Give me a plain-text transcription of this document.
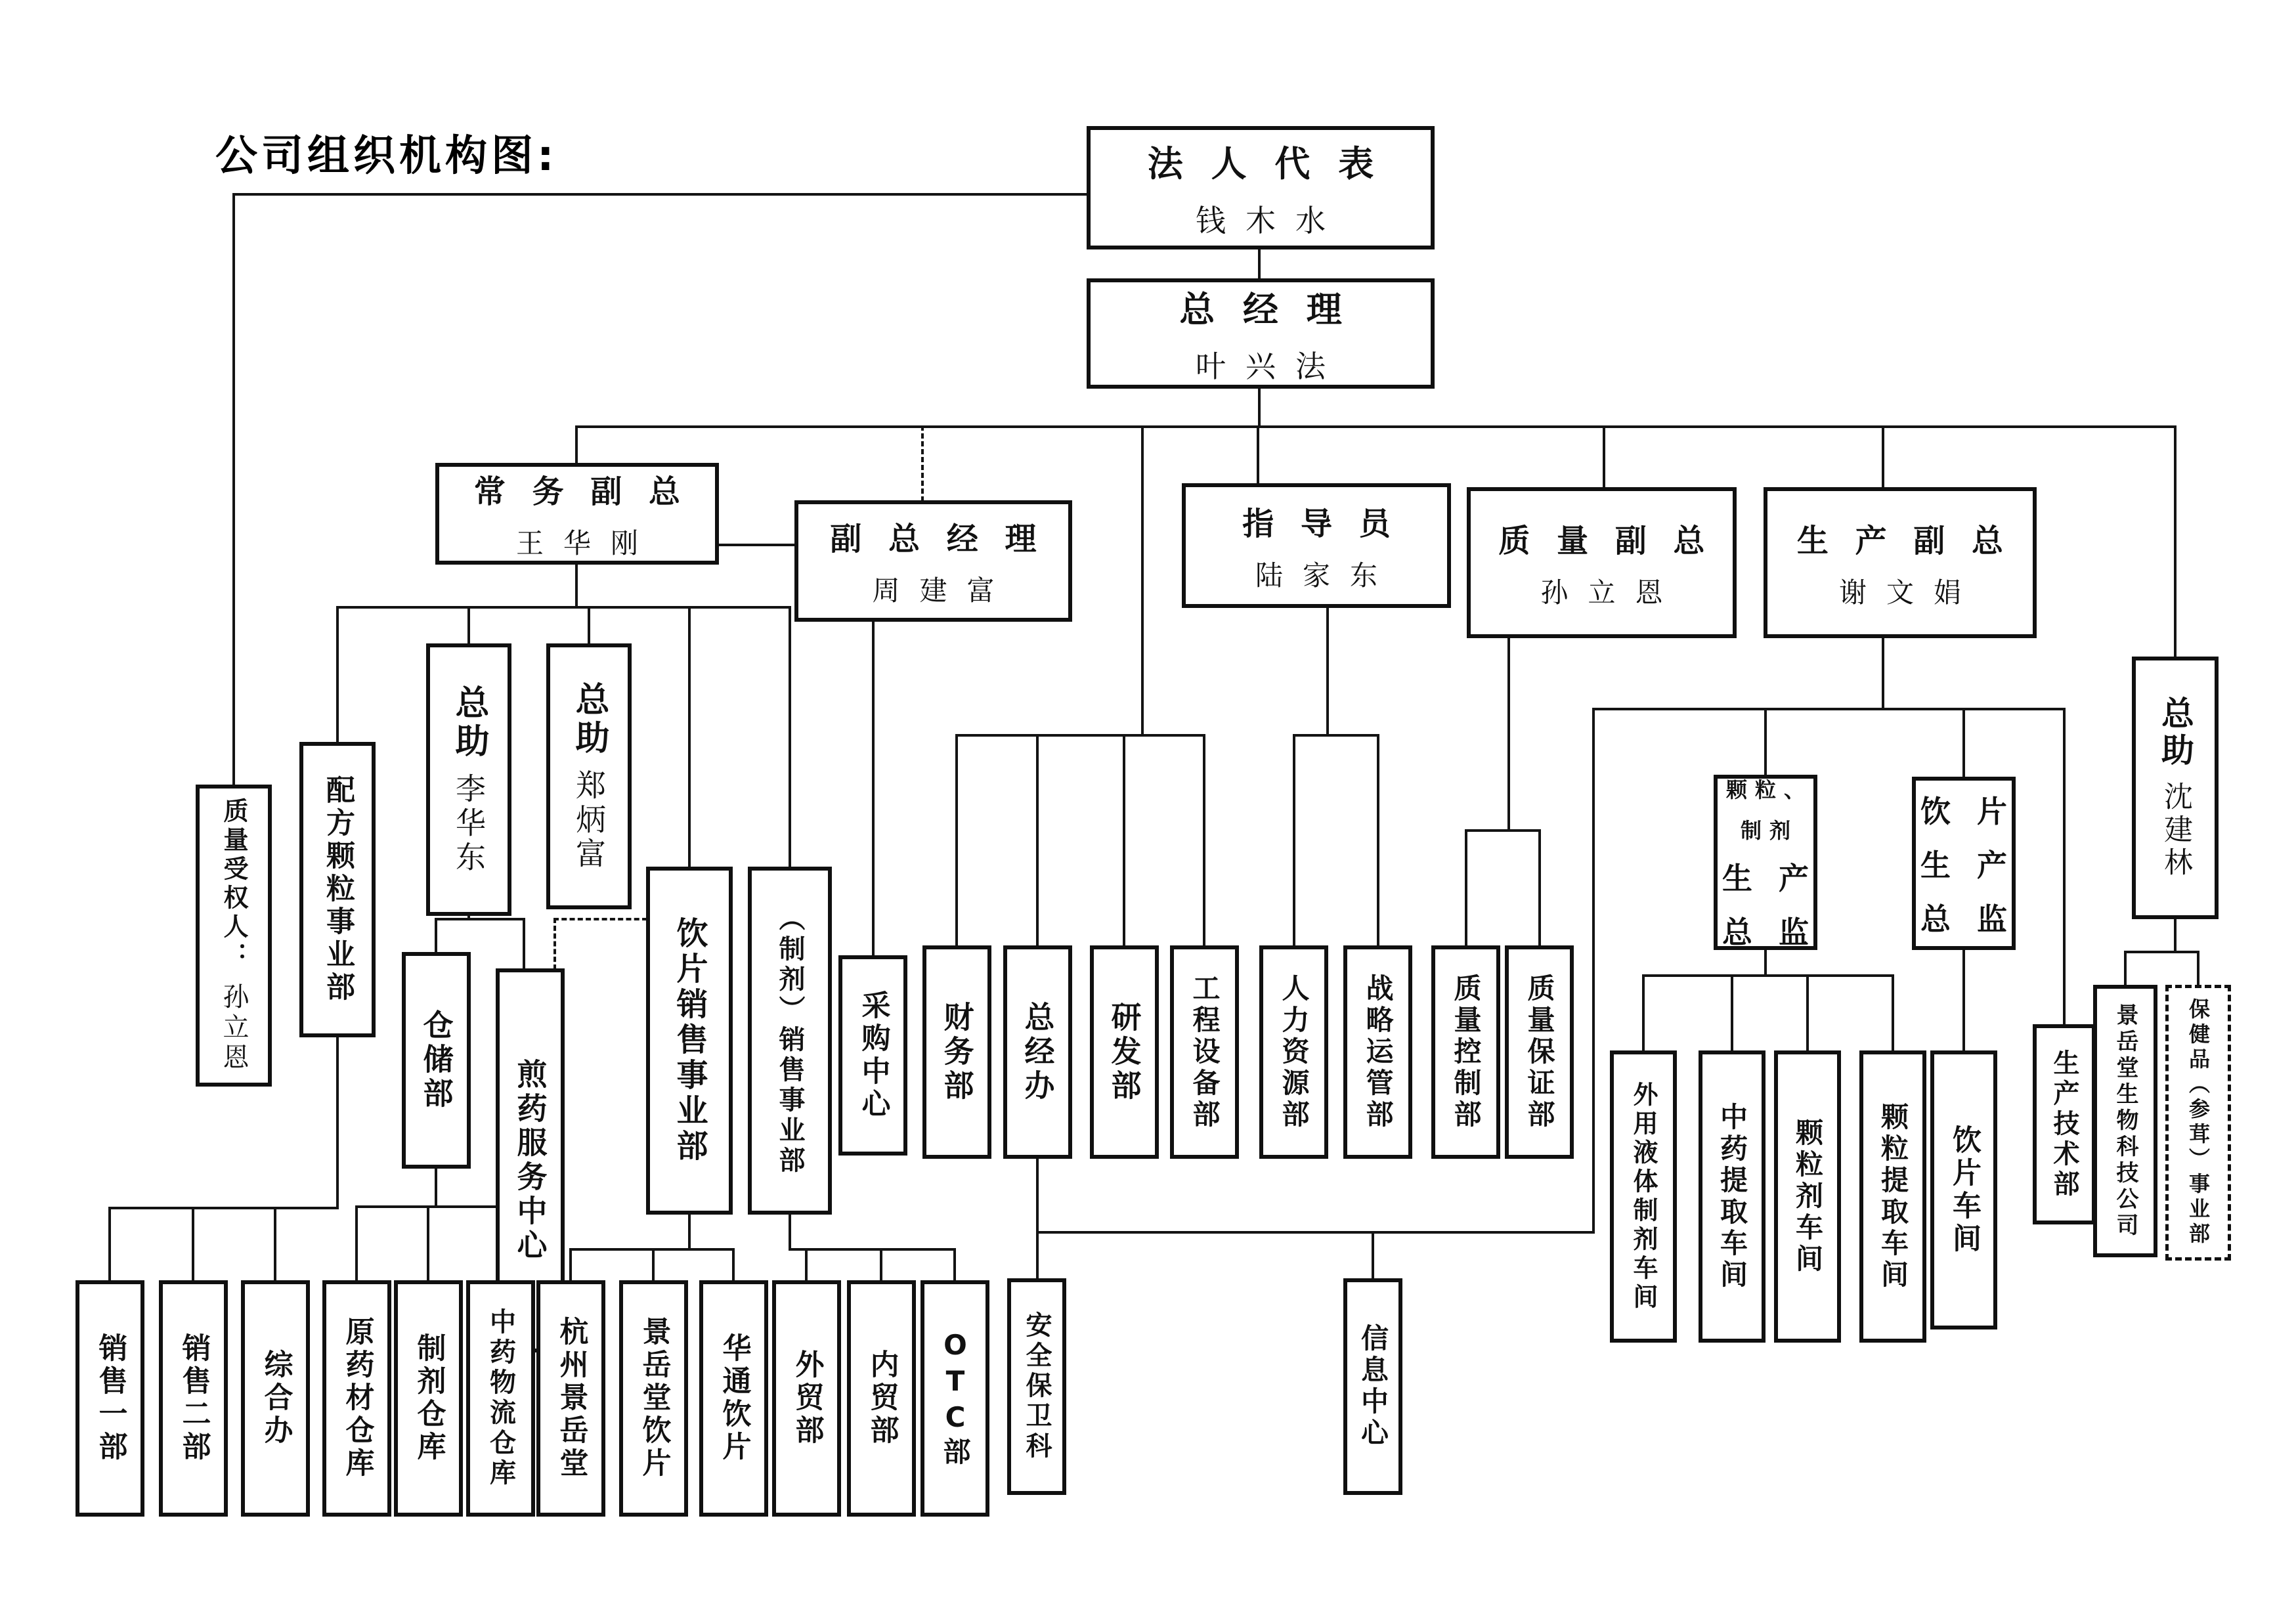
公司组织机构图:	法 人 代 表
钱木水
总 经 理
叶兴法
常 务 副 总
王华刚	副 总 经 理
周建富
指 导 员
陆家东
质 量 副 总
孙立恩
生 产 副 总
谢文娟
质量受权人：孙立恩
配方颗粒事业部
总助李华东
总助郑炳富
饮片销售事业部	（制剂）销售事业部
仓储部 煎药服务中心
销售一部 销售二部 综合办 原药材仓库 制剂仓库 中药物流仓库 杭州景岳堂 景岳堂饮片 华通饮片 外贸部 内贸部 OTC部
采购中心 财务部 总经办 研发部 工程设备部 人力资源部 战略运管部 质量控制部 质量保证部
安全保卫科	信息中心
颗粒、
制剂
生 产
总 监
饮 片
生 产
总 监
外用液体制剂车间 中药提取车间 颗粒剂车间 颗粒提取车间 饮片车间	生产技术部
总助沈建林
景岳堂生物科技公司 保健品（参茸）事业部
